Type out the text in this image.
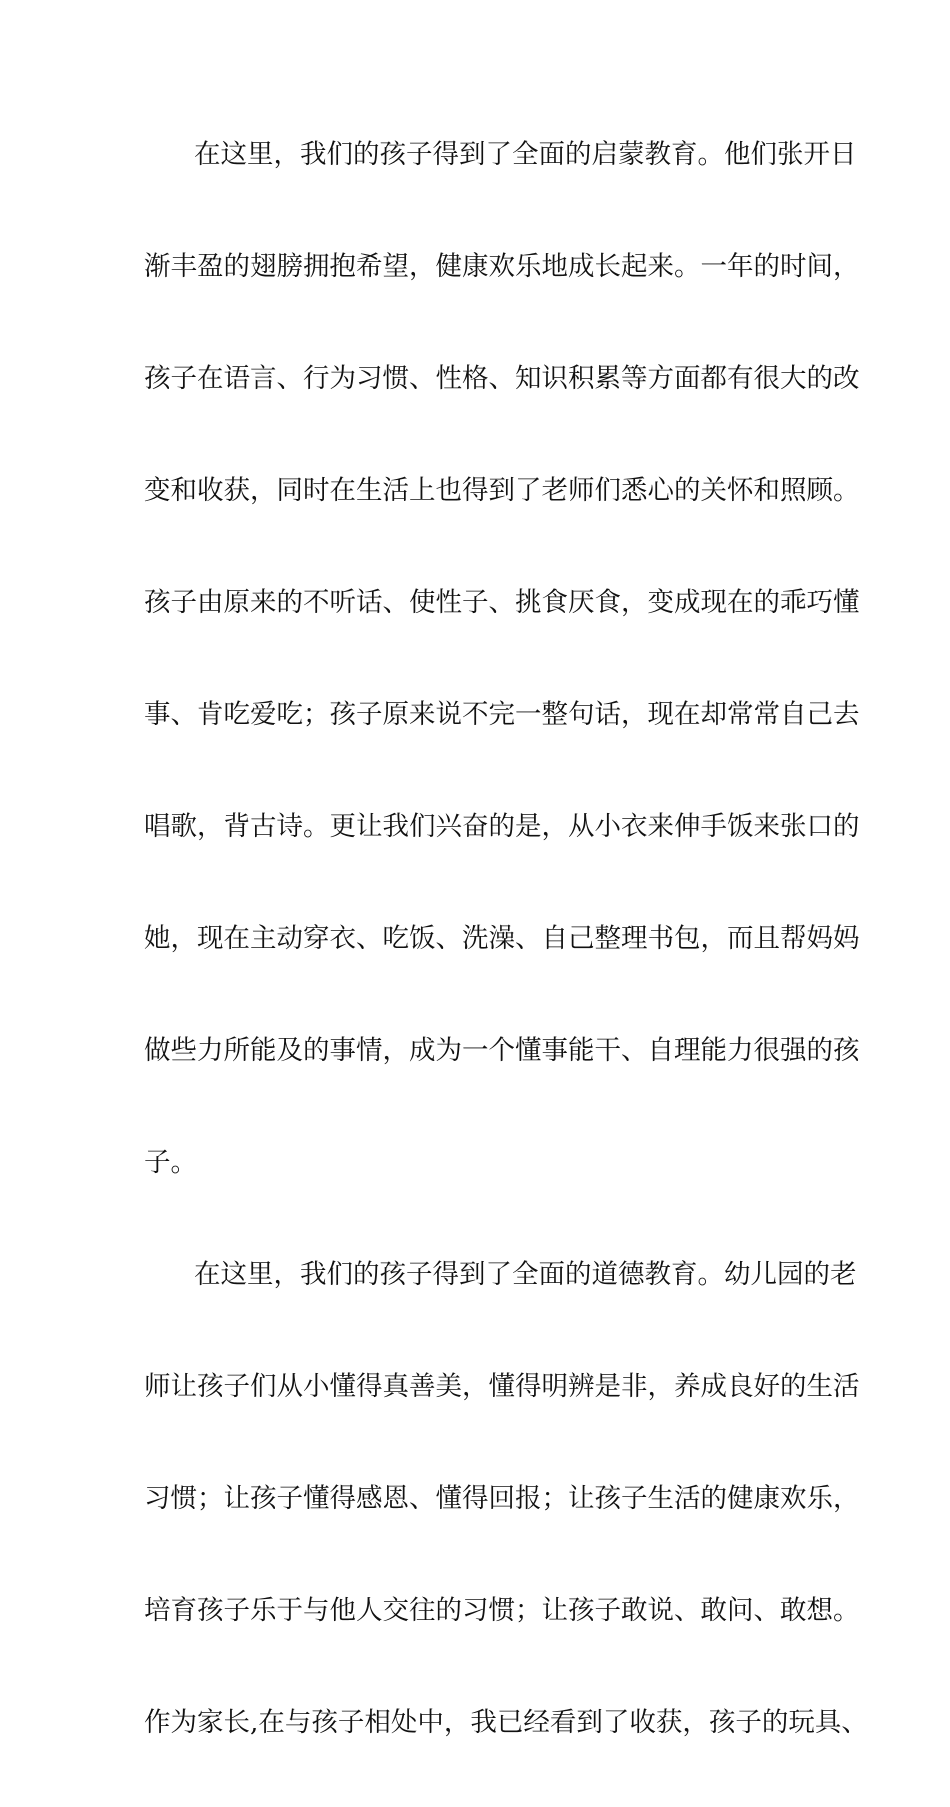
在这里，我们的孩子得到了全面的启蒙教育。他们张开日
渐丰盈的翅膀拥抱希望，健康欢乐地成长起来。一年的时间，
孩子在语言、行为习惯、性格、知识积累等方面都有很大的改
变和收获，同时在生活上也得到了老师们悉心的关怀和照顾。
孩子由原来的不听话、使性子、挑食厌食，变成现在的乖巧懂
事、肯吃爱吃；孩子原来说不完一整句话，现在却常常自己去
唱歌，背古诗。更让我们兴奋的是，从小衣来伸手饭来张口的
她，现在主动穿衣、吃饭、洗澡、自己整理书包，而且帮妈妈
做些力所能及的事情，成为一个懂事能干、自理能力很强的孩
子。
在这里，我们的孩子得到了全面的道德教育。幼儿园的老
师让孩子们从小懂得真善美，懂得明辨是非，养成良好的生活
习惯；让孩子懂得感恩、懂得回报；让孩子生活的健康欢乐，
培育孩子乐于与他人交往的习惯；让孩子敢说、敢问、敢想。
作为家长,在与孩子相处中，我已经看到了收获，孩子的玩具、
